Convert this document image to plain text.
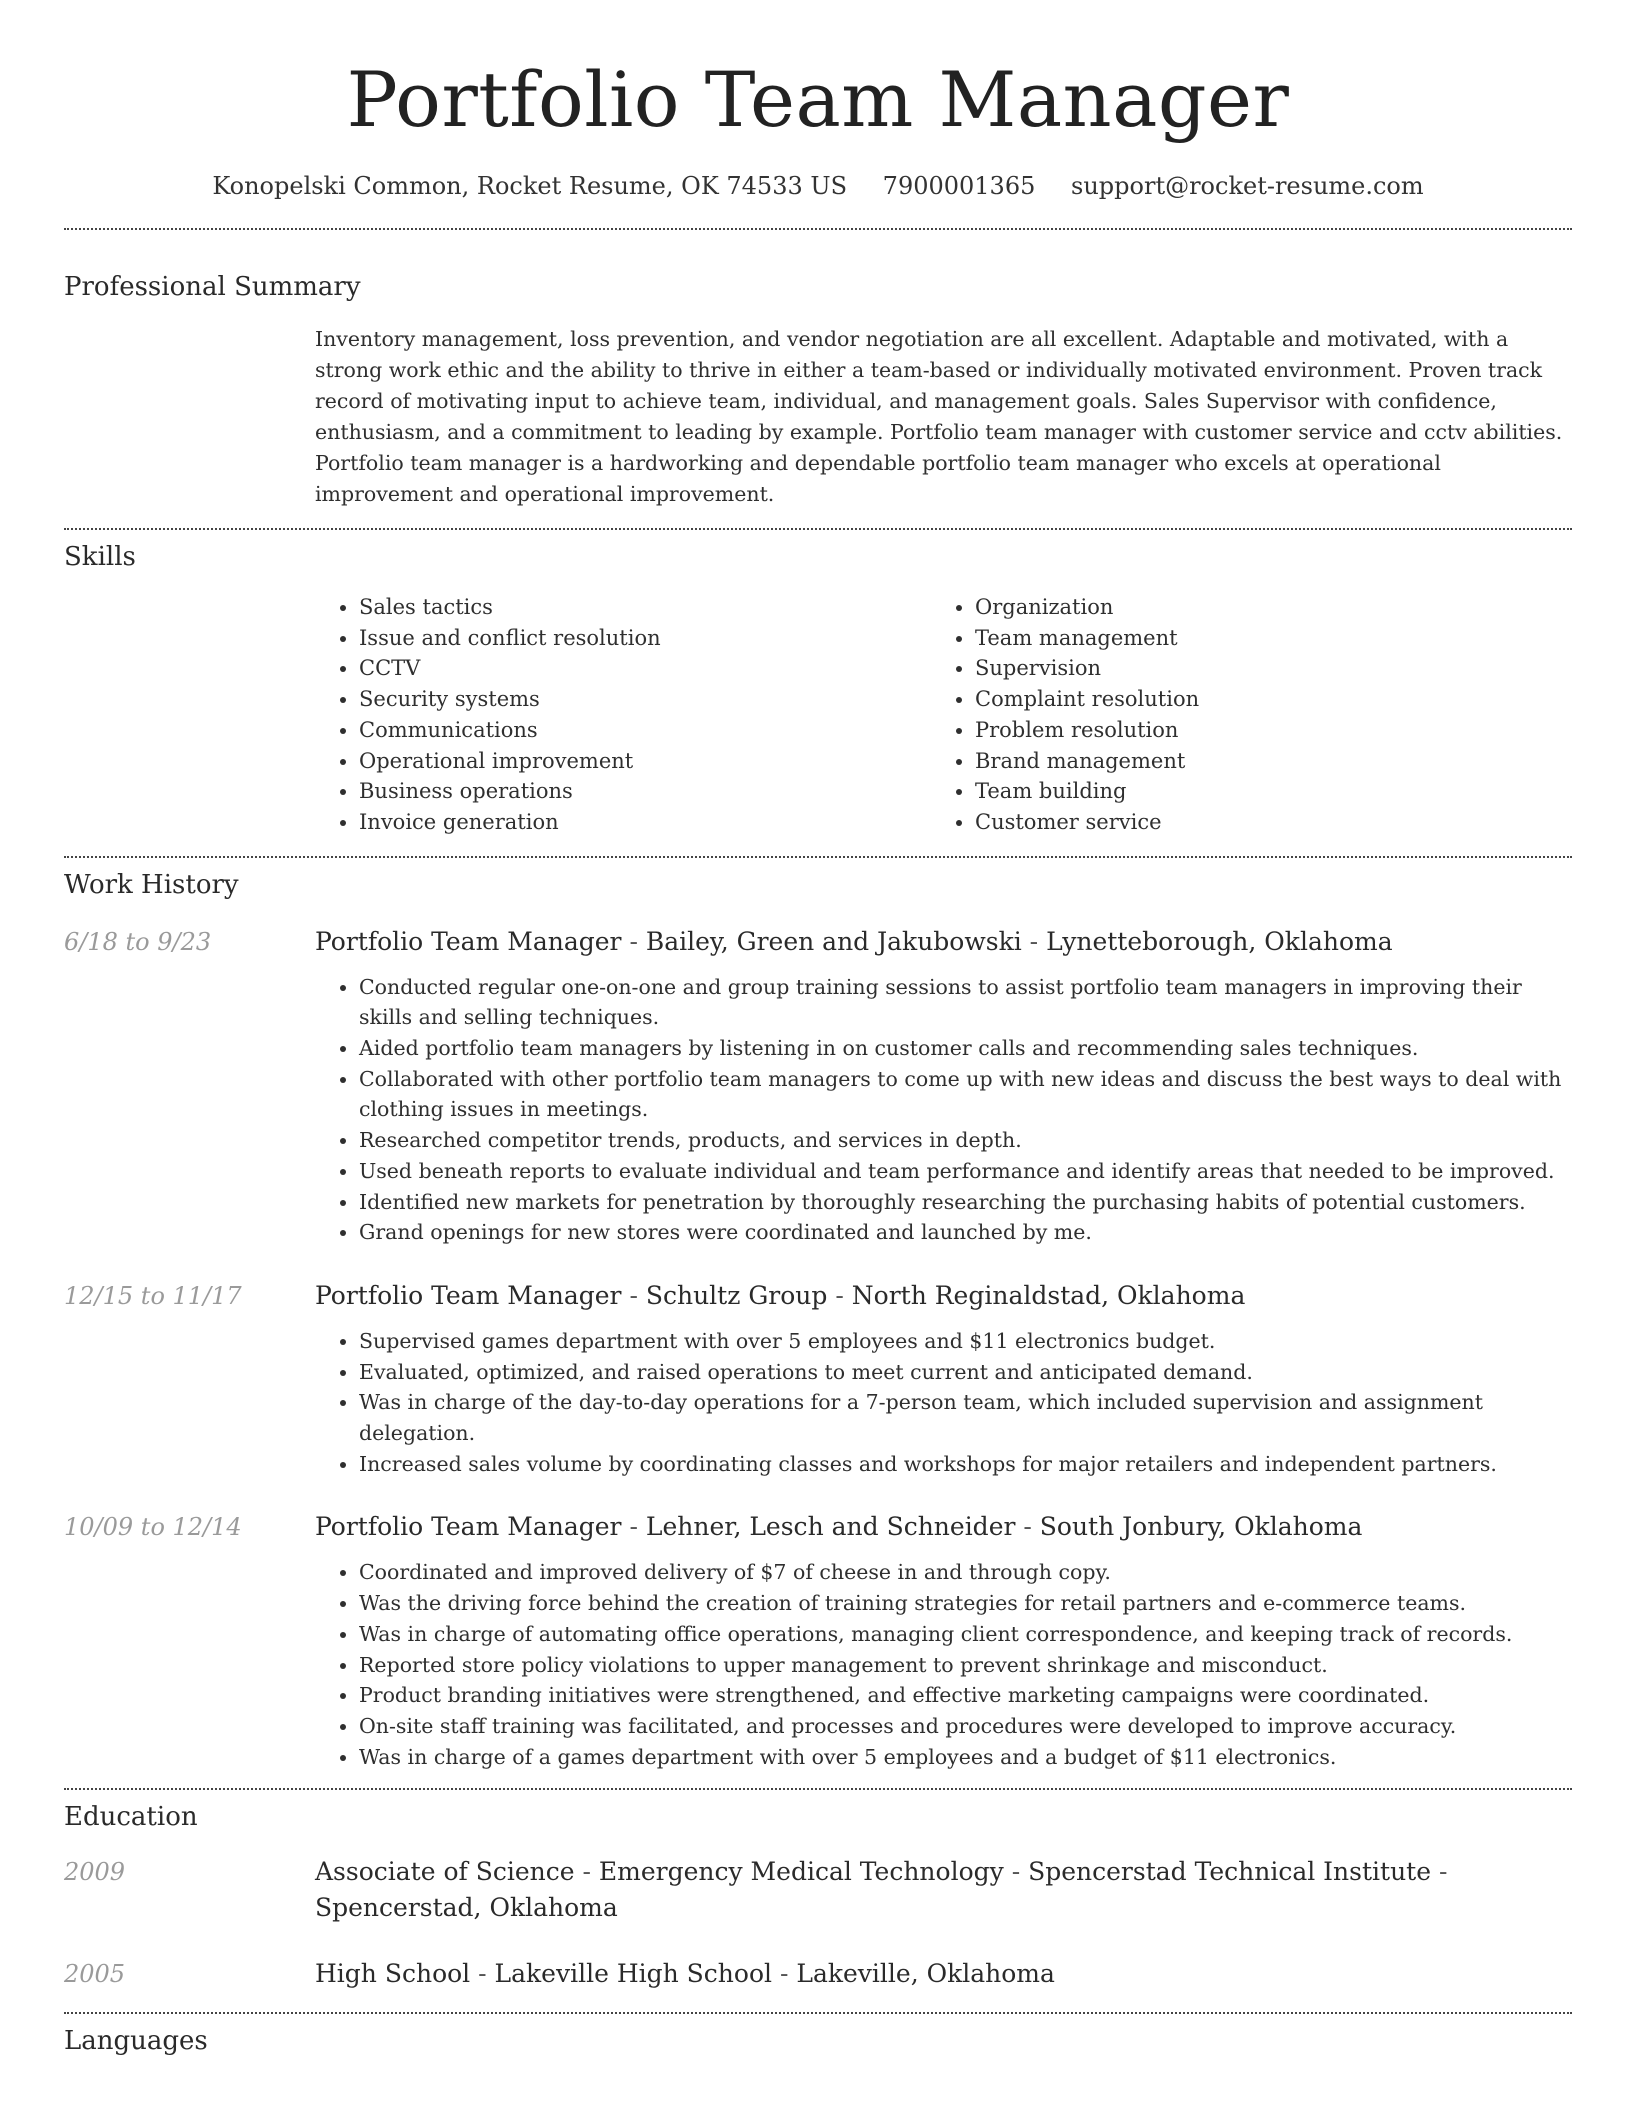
Portfolio Team Manager
Konopelski Common, Rocket Resume, OK 74533 US 7900001365 support@rocket-resume.com
Professional Summary
Inventory management, loss prevention, and vendor negotiation are all excellent. Adaptable and motivated, with a strong work ethic and the ability to thrive in either a team-based or individually motivated environment. Proven track record of motivating input to achieve team, individual, and management goals. Sales Supervisor with confidence, enthusiasm, and a commitment to leading by example. Portfolio team manager with customer service and cctv abilities. Portfolio team manager is a hardworking and dependable portfolio team manager who excels at operational improvement and operational improvement.
Skills
• Sales tactics
• Issue and conflict resolution
• CCTV
• Security systems
• Communications
• Operational improvement
• Business operations
• Invoice generation
• Organization
• Team management
• Supervision
• Complaint resolution
• Problem resolution
• Brand management
• Team building
• Customer service
Work History
6/18 to 9/23	Portfolio Team Manager - Bailey, Green and Jakubowski - Lynetteborough, Oklahoma
• Conducted regular one-on-one and group training sessions to assist portfolio team managers in improving their skills and selling techniques.
• Aided portfolio team managers by listening in on customer calls and recommending sales techniques.
• Collaborated with other portfolio team managers to come up with new ideas and discuss the best ways to deal with clothing issues in meetings.
• Researched competitor trends, products, and services in depth.
• Used beneath reports to evaluate individual and team performance and identify areas that needed to be improved.
• Identified new markets for penetration by thoroughly researching the purchasing habits of potential customers.
• Grand openings for new stores were coordinated and launched by me.
12/15 to 11/17	Portfolio Team Manager - Schultz Group - North Reginaldstad, Oklahoma
• Supervised games department with over 5 employees and $11 electronics budget.
• Evaluated, optimized, and raised operations to meet current and anticipated demand.
• Was in charge of the day-to-day operations for a 7-person team, which included supervision and assignment delegation.
• Increased sales volume by coordinating classes and workshops for major retailers and independent partners.
10/09 to 12/14	Portfolio Team Manager - Lehner, Lesch and Schneider - South Jonbury, Oklahoma
• Coordinated and improved delivery of $7 of cheese in and through copy.
• Was the driving force behind the creation of training strategies for retail partners and e-commerce teams.
• Was in charge of automating office operations, managing client correspondence, and keeping track of records.
• Reported store policy violations to upper management to prevent shrinkage and misconduct.
• Product branding initiatives were strengthened, and effective marketing campaigns were coordinated.
• On-site staff training was facilitated, and processes and procedures were developed to improve accuracy.
• Was in charge of a games department with over 5 employees and a budget of $11 electronics.
Education
2009	Associate of Science - Emergency Medical Technology - Spencerstad Technical Institute - Spencerstad, Oklahoma
2005	High School - Lakeville High School - Lakeville, Oklahoma
Languages
